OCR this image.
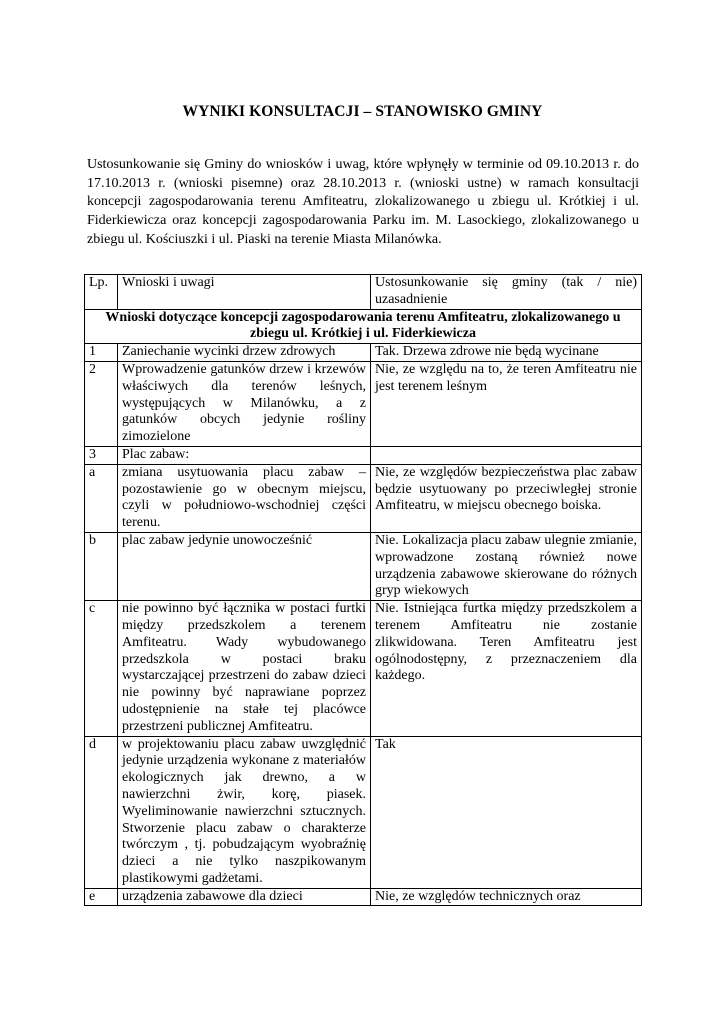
WYNIKI KONSULTACJI – STANOWISKO GMINY

Ustosunkowanie się Gminy do wniosków i uwag, które wpłynęły w terminie od 09.10.2013 r. do 17.10.2013 r. (wnioski pisemne) oraz 28.10.2013 r. (wnioski ustne) w ramach konsultacji koncepcji zagospodarowania terenu Amfiteatru, zlokalizowanego u zbiegu ul. Krótkiej i ul. Fiderkiewicza oraz koncepcji zagospodarowania Parku im. M. Lasockiego, zlokalizowanego u zbiegu ul. Kościuszki i ul. Piaski na terenie Miasta Milanówka.

Lp.	Wnioski i uwagi	Ustosunkowanie się gminy (tak / nie) uzasadnienie
Wnioski dotyczące koncepcji zagospodarowania terenu Amfiteatru, zlokalizowanego u zbiegu ul. Krótkiej i ul. Fiderkiewicza		
1	Zaniechanie wycinki drzew zdrowych	Tak. Drzewa zdrowe nie będą wycinane
2	Wprowadzenie gatunków drzew i krzewów właściwych dla terenów leśnych, występujących w Milanówku, a z gatunków obcych jedynie rośliny zimozielone	Nie, ze względu na to, że teren Amfiteatru nie jest terenem leśnym
3	Plac zabaw:	
a	zmiana usytuowania placu zabaw – pozostawienie go w obecnym miejscu, czyli w południowo-wschodniej części terenu.	Nie, ze względów bezpieczeństwa plac zabaw będzie usytuowany po przeciwległej stronie Amfiteatru, w miejscu obecnego boiska.
b	plac zabaw jedynie unowocześnić	Nie. Lokalizacja placu zabaw ulegnie zmianie, wprowadzone zostaną również nowe urządzenia zabawowe skierowane do różnych gryp wiekowych
c	nie powinno być łącznika w postaci furtki między przedszkolem a terenem Amfiteatru. Wady wybudowanego przedszkola w postaci braku wystarczającej przestrzeni do zabaw dzieci nie powinny być naprawiane poprzez udostępnienie na stałe tej placówce przestrzeni publicznej Amfiteatru.	Nie. Istniejąca furtka między przedszkolem a terenem Amfiteatru nie zostanie zlikwidowana. Teren Amfiteatru jest ogólnodostępny, z przeznaczeniem dla każdego.
d	w projektowaniu placu zabaw uwzględnić jedynie urządzenia wykonane z materiałów ekologicznych jak drewno, a w nawierzchni żwir, korę, piasek. Wyeliminowanie nawierzchni sztucznych. Stworzenie placu zabaw o charakterze twórczym , tj. pobudzającym wyobraźnię dzieci a nie tylko naszpikowanym plastikowymi gadżetami.	Tak
e	urządzenia zabawowe dla dzieci	Nie, ze względów technicznych oraz
